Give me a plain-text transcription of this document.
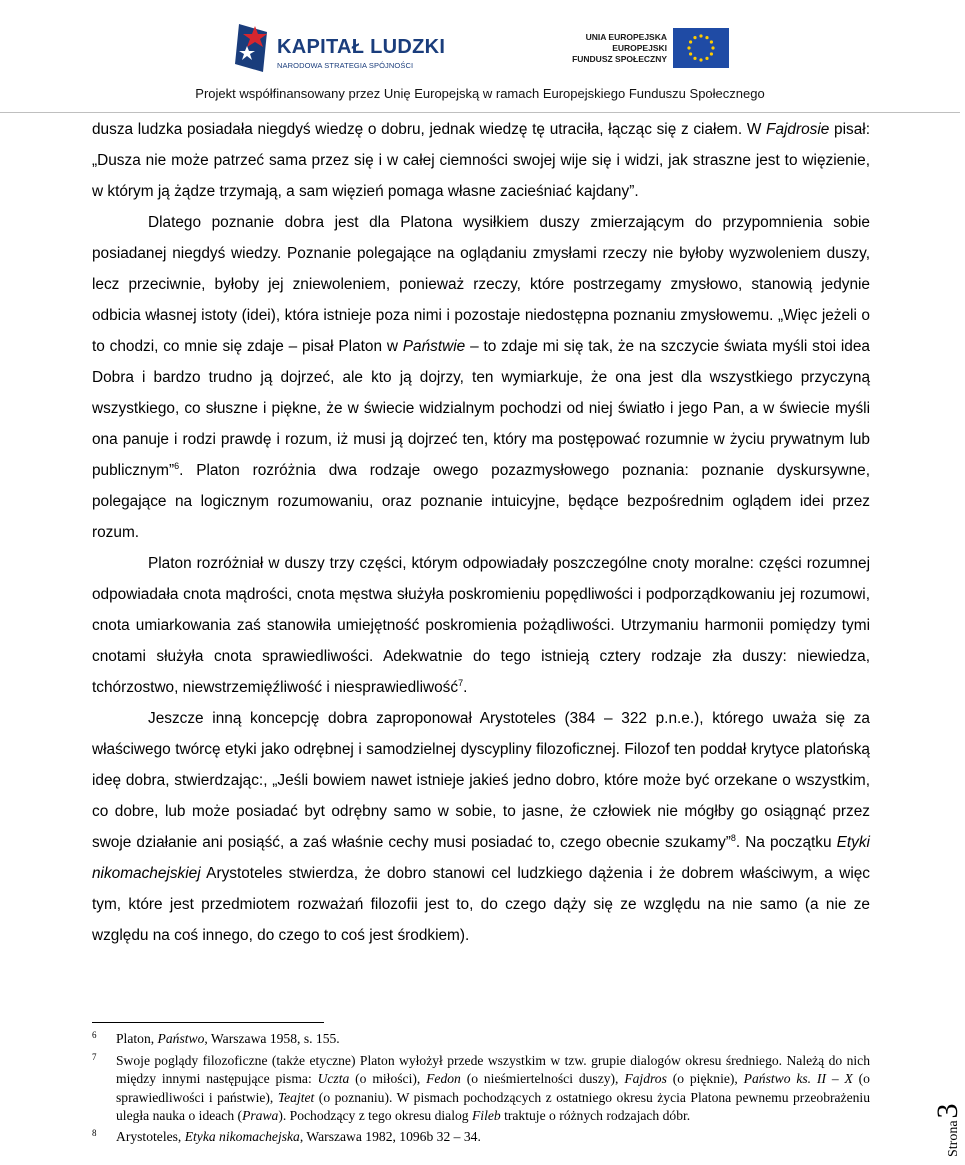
KAPITAŁ LUDZKI
NARODOWA STRATEGIA SPÓJNOŚCI
UNIA EUROPEJSKA
EUROPEJSKI
FUNDUSZ SPOŁECZNY
Projekt współfinansowany przez Unię Europejską w ramach Europejskiego Funduszu Społecznego

dusza ludzka posiadała niegdyś wiedzę o dobru, jednak wiedzę tę utraciła, łącząc się z ciałem. W Fajdrosie pisał: „Dusza nie może patrzeć sama przez się i w całej ciemności swojej wije się i widzi, jak straszne jest to więzienie, w którym ją żądze trzymają, a sam więzień pomaga własne zacieśniać kajdany”.

Dlatego poznanie dobra jest dla Platona wysiłkiem duszy zmierzającym do przypomnienia sobie posiadanej niegdyś wiedzy. Poznanie polegające na oglądaniu zmysłami rzeczy nie byłoby wyzwoleniem duszy, lecz przeciwnie, byłoby jej zniewoleniem, ponieważ rzeczy, które postrzegamy zmysłowo, stanowią jedynie odbicia własnej istoty (idei), która istnieje poza nimi i pozostaje niedostępna poznaniu zmysłowemu. „Więc jeżeli o to chodzi, co mnie się zdaje – pisał Platon w Państwie – to zdaje mi się tak, że na szczycie świata myśli stoi idea Dobra i bardzo trudno ją dojrzeć, ale kto ją dojrzy, ten wymiarkuje, że ona jest dla wszystkiego przyczyną wszystkiego, co słuszne i piękne, że w świecie widzialnym pochodzi od niej światło i jego Pan, a w świecie myśli ona panuje i rodzi prawdę i rozum, iż musi ją dojrzeć ten, który ma postępować rozumnie w życiu prywatnym lub publicznym”$^6$. Platon rozróżnia dwa rodzaje owego pozazmysłowego poznania: poznanie dyskursywne, polegające na logicznym rozumowaniu, oraz poznanie intuicyjne, będące bezpośrednim oglądem idei przez rozum.

Platon rozróżniał w duszy trzy części, którym odpowiadały poszczególne cnoty moralne: części rozumnej odpowiadała cnota mądrości, cnota męstwa służyła poskromieniu popędliwości i podporządkowaniu jej rozumowi, cnota umiarkowania zaś stanowiła umiejętność poskromienia pożądliwości. Utrzymaniu harmonii pomiędzy tymi cnotami służyła cnota sprawiedliwości. Adekwatnie do tego istnieją cztery rodzaje zła duszy: niewiedza, tchórzostwo, niewstrzemięźliwość i niesprawiedliwość$^7$.

Jeszcze inną koncepcję dobra zaproponował Arystoteles (384 – 322 p.n.e.), którego uważa się za właściwego twórcę etyki jako odrębnej i samodzielnej dyscypliny filozoficznej. Filozof ten poddał krytyce platońską ideę dobra, stwierdzając:, „Jeśli bowiem nawet istnieje jakieś jedno dobro, które może być orzekane o wszystkim, co dobre, lub może posiadać byt odrębny samo w sobie, to jasne, że człowiek nie mógłby go osiągnąć przez swoje działanie ani posiąść, a zaś właśnie cechy musi posiadać to, czego obecnie szukamy”$^8$. Na początku Etyki nikomachejskiej Arystoteles stwierdza, że dobro stanowi cel ludzkiego dążenia i że dobrem właściwym, a więc tym, które jest przedmiotem rozważań filozofii jest to, do czego dąży się ze względu na nie samo (a nie ze względu na coś innego, do czego to coś jest środkiem).

6 Platon, Państwo, Warszawa 1958, s. 155.
7 Swoje poglądy filozoficzne (także etyczne) Platon wyłożył przede wszystkim w tzw. grupie dialogów okresu średniego. Należą do nich między innymi następujące pisma: Uczta (o miłości), Fedon (o nieśmiertelności duszy), Fajdros (o pięknie), Państwo ks. II – X (o sprawiedliwości i państwie), Teajtet (o poznaniu). W pismach pochodzących z ostatniego okresu życia Platona pewnemu przeobrażeniu uległa nauka o ideach (Prawa). Pochodzący z tego okresu dialog Fileb traktuje o różnych rodzajach dóbr.
8 Arystoteles, Etyka nikomachejska, Warszawa 1982, 1096b 32 – 34.	Strona3
